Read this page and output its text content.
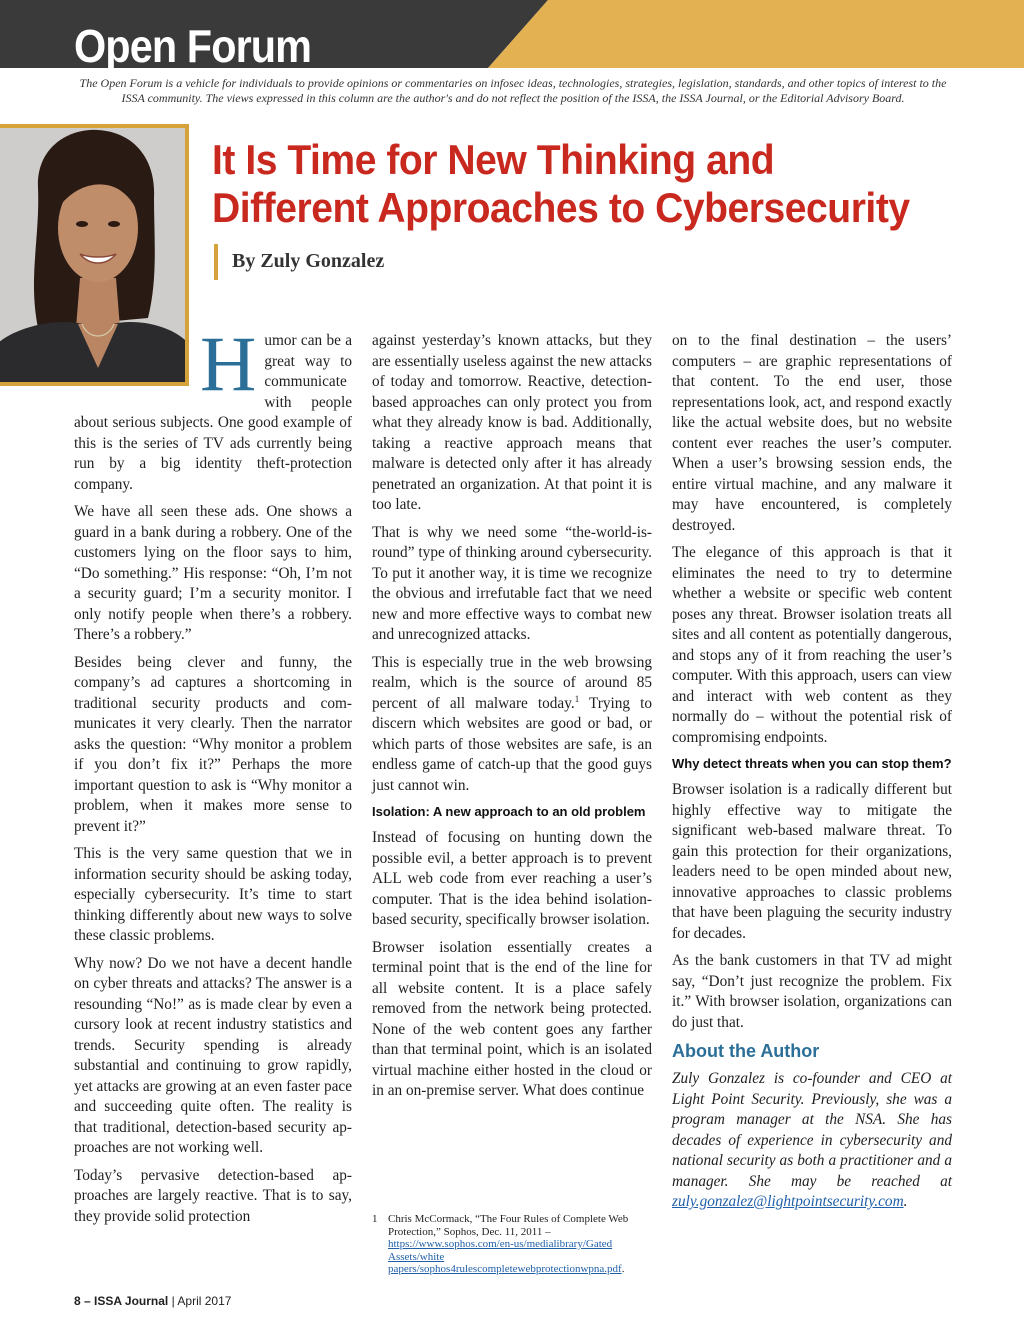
Open Forum

The Open Forum is a vehicle for individuals to provide opinions or commentaries on infosec ideas, technologies, strategies, legislation, standards, and other topics of interest to the ISSA community. The views expressed in this column are the author's and do not reflect the position of the ISSA, the ISSA Journal, or the Editorial Advisory Board.

It Is Time for New Thinking and Different Approaches to Cybersecurity

By Zuly Gonzalez

Humor can be a great way to communicate with people about serious subjects. One good example of this is the series of TV ads currently being run by a big identity theft-protection company.

We have all seen these ads. One shows a guard in a bank during a robbery. One of the customers lying on the floor says to him, “Do something.” His response: “Oh, I’m not a security guard; I’m a security monitor. I only notify people when there’s a robbery. There’s a robbery.”

Besides being clever and funny, the company’s ad captures a shortcoming in traditional security products and communicates it very clearly. Then the narrator asks the question: “Why monitor a problem if you don’t fix it?” Perhaps the more important question to ask is “Why monitor a problem, when it makes more sense to prevent it?”

This is the very same question that we in information security should be asking today, especially cybersecurity. It’s time to start thinking differently about new ways to solve these classic problems.

Why now? Do we not have a decent handle on cyber threats and attacks? The answer is a resounding “No!” as is made clear by even a cursory look at recent industry statistics and trends. Security spending is already substantial and continuing to grow rapidly, yet attacks are growing at an even faster pace and succeeding quite often. The reality is that traditional, detection-based security approaches are not working well.

Today’s pervasive detection-based approaches are largely reactive. That is to say, they provide solid protection

against yesterday’s known attacks, but they are essentially useless against the new attacks of today and tomorrow. Reactive, detection-based approaches can only protect you from what they already know is bad. Additionally, taking a reactive approach means that malware is detected only after it has already penetrated an organization. At that point it is too late.

That is why we need some “the-world-is-round” type of thinking around cybersecurity. To put it another way, it is time we recognize the obvious and irrefutable fact that we need new and more effective ways to combat new and unrecognized attacks.

This is especially true in the web browsing realm, which is the source of around 85 percent of all malware today.$^1$ Trying to discern which websites are good or bad, or which parts of those websites are safe, is an endless game of catch-up that the good guys just cannot win.

Isolation: A new approach to an old problem

Instead of focusing on hunting down the possible evil, a better approach is to prevent ALL web code from ever reaching a user’s computer. That is the idea behind isolation-based security, specifically browser isolation.

Browser isolation essentially creates a terminal point that is the end of the line for all website content. It is a place safely removed from the network being protected. None of the web content goes any farther than that terminal point, which is an isolated virtual machine either hosted in the cloud or in an on-premise server. What does continue

on to the final destination – the users’ computers – are graphic representations of that content. To the end user, those representations look, act, and respond exactly like the actual website does, but no website content ever reaches the user’s computer. When a user’s browsing session ends, the entire virtual machine, and any malware it may have encountered, is completely destroyed.

The elegance of this approach is that it eliminates the need to try to determine whether a website or specific web content poses any threat. Browser isolation treats all sites and all content as potentially dangerous, and stops any of it from reaching the user’s computer. With this approach, users can view and interact with web content as they normally do – without the potential risk of compromising endpoints.

Why detect threats when you can stop them?

Browser isolation is a radically different but highly effective way to mitigate the significant web-based malware threat. To gain this protection for their organizations, leaders need to be open minded about new, innovative approaches to classic problems that have been plaguing the security industry for decades.

As the bank customers in that TV ad might say, “Don’t just recognize the problem. Fix it.” With browser isolation, organizations can do just that.

About the Author

Zuly Gonzalez is co-founder and CEO at Light Point Security. Previously, she was a program manager at the NSA. She has decades of experience in cybersecurity and national security as both a practitioner and a manager. She may be reached at zuly.gonzalez@lightpointsecurity.com.

1 Chris McCormack, “The Four Rules of Complete Web Protection,” Sophos, Dec. 11, 2011 – https://www.sophos.com/en-us/medialibrary/Gated Assets/white papers/sophos4rulescompletewebprotectionwpna.pdf.

8 – ISSA Journal | April 2017
